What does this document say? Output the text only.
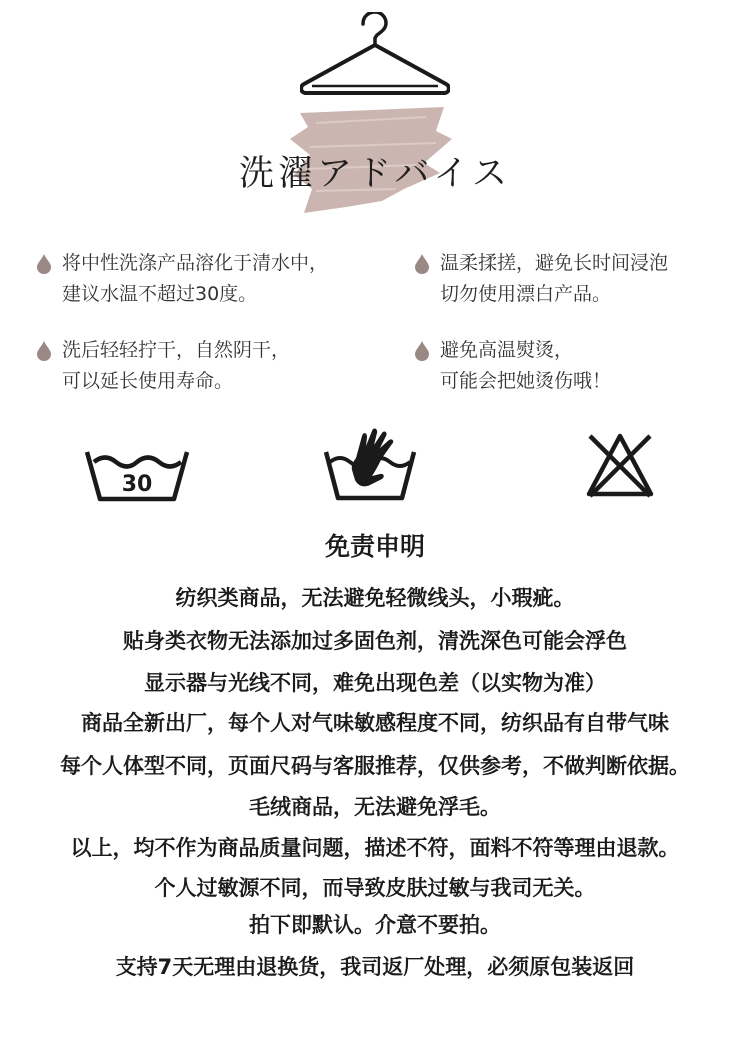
洗濯アドバイス
将中性洗涤产品溶化于清水中，
建议水温不超过30度。
温柔揉搓，避免长时间浸泡
切勿使用漂白产品。
洗后轻轻拧干，自然阴干，
可以延长使用寿命。
避免高温熨烫，
可能会把她烫伤哦！
30
免责申明
纺织类商品，无法避免轻微线头，小瑕疵。
贴身类衣物无法添加过多固色剂，清洗深色可能会浮色
显示器与光线不同，难免出现色差（以实物为准）
商品全新出厂，每个人对气味敏感程度不同，纺织品有自带气味
每个人体型不同，页面尺码与客服推荐，仅供参考，不做判断依据。
毛绒商品，无法避免浮毛。
以上，均不作为商品质量问题，描述不符，面料不符等理由退款。
个人过敏源不同，而导致皮肤过敏与我司无关。
拍下即默认。介意不要拍。
支持7天无理由退换货，我司返厂处理，必须原包装返回
